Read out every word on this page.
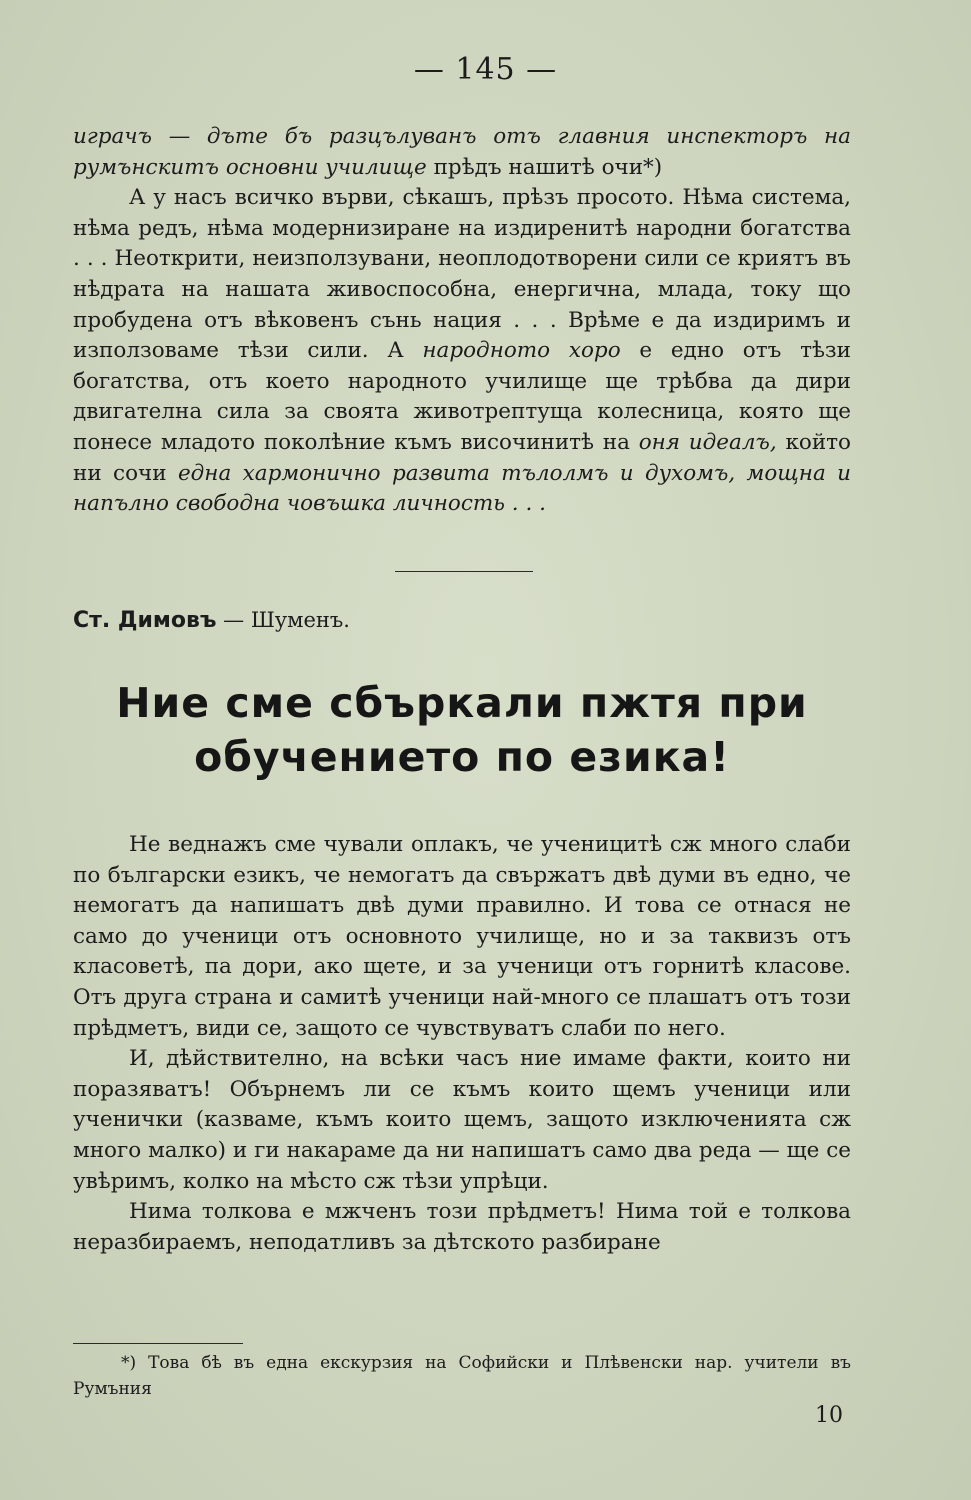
— 145 —

играчъ — дъте бъ разцълуванъ отъ главния инспекторъ на румънскитъ основни училище прѣдъ нашитѣ очи*)

А у насъ всичко върви, сѣкашъ, прѣзъ просото. Нѣма система, нѣма редъ, нѣма модернизиране на издиренитѣ народни богатства . . . Неоткрити, неизползувани, неоплодотворени сили се криятъ въ нѣдрата на нашата живоспособна, енергична, млада, току що пробудена отъ вѣковенъ сънь нация . . . Врѣме е да издиримъ и използоваме тѣзи сили. А народното хоро е едно отъ тѣзи богатства, отъ което народното училище ще трѣбва да дири двигателна сила за своята животрептуща колесница, която ще понесе младото поколѣние къмъ височинитѣ на оня идеалъ, който ни сочи една хармонично развита тълолмъ и духомъ, мощна и напълно свободна човъшка личность . . .

Ст. Димовъ — Шуменъ.
Ние сме сбъркали пжтя при обучението по езика!

Не веднажъ сме чували оплакъ, че ученицитѣ сж много слаби по български езикъ, че немогатъ да свържатъ двѣ думи въ едно, че немогатъ да напишатъ двѣ думи правилно. И това се отнася не само до ученици отъ основното училище, но и за таквизъ отъ класоветѣ, па дори, ако щете, и за ученици отъ горнитѣ класове. Отъ друга страна и самитѣ ученици най-много се плашатъ отъ този прѣдметъ, види се, защото се чувствуватъ слаби по него.

И, дѣйствително, на всѣки часъ ние имаме факти, които ни поразяватъ! Обърнемъ ли се къмъ които щемъ ученици или ученички (казваме, къмъ които щемъ, защото изключенията сж много малко) и ги накараме да ни напишатъ само два реда — ще се увѣримъ, колко на мѣсто сж тѣзи упрѣци.

Нима толкова е мжченъ този прѣдметъ! Нима той е толкова неразбираемъ, неподатливъ за дѣтското разбиране

*) Това бѣ въ една екскурзия на Софийски и Плѣвенски нар. учители въ Румъния

10
